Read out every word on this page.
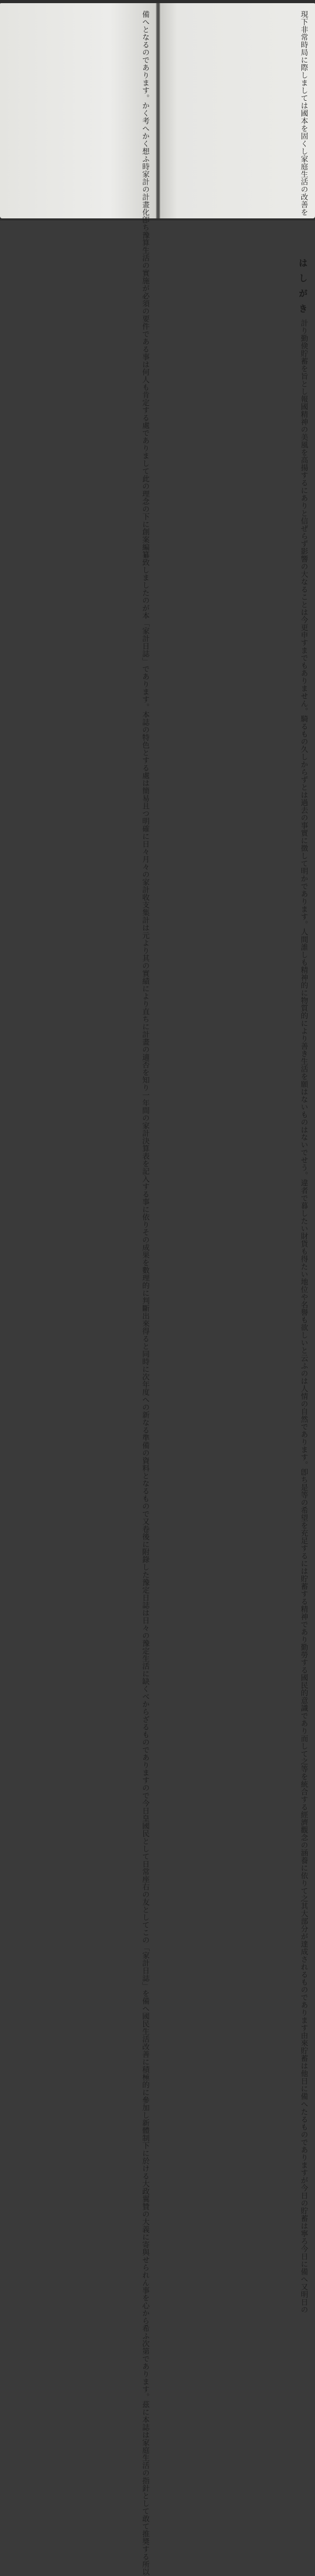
現下非常時局に際しましては國本を固くし家庭生活の改善を
はしがき
計り勤倹貯蓄を旨とし報國精神の美風を高揚するにありと信ぜ
らず影響の大なることは今更申すまでもありません。
騎るもの久しからずとは過去の事實に徴して明かであります。
人間誰しも精神的に物質的により善き生活を願はないものは
ないでせう。違者で暮したい財貨も得たい地位や名譽も欲しいと
云ふのは人情の自然であります。
卽ち是等の希望を充足するには貯蓄する精神であり勤勞する國
民的意識であり而して之等を統合する經濟觀念の涵養に依りて
之其大部分が達成されるものであります由來貯蓄は他日に備
へたるものでありますが今日の貯蓄は寧ろ今日に備へ又明日の
備へとなるのであります。かく考へかく想ふ時家計の計畫化卽
ち豫算生活の實施が必須の要件である事は何人も肯定する處で
ありまして此の理念の下に創案編纂致しましたのが本「家計日誌」
であります。本誌の特色とする處は簡易且つ明確に日々月々の
家計收支集計は元より其の實績により直ちに計畫の適否を知り
一年間の家計決算表を記入する事に依りその成果を數理的に判
斷出來得ると同時に次年度への新なる準備の資料となるもので
又卷後に附錄した豫定日誌は日々の豫定生活に缺くべから
ざるものでありますので今日皇國民として日常座右の友として
この「家計日誌」を備へ國民生活改善に積極的に參加し新體制
下に於ける大政翼贊の大義に寄與せられん事を心から希ふ次第
であります。茲に本誌は家庭生活の指針として敢て推奬する所以
